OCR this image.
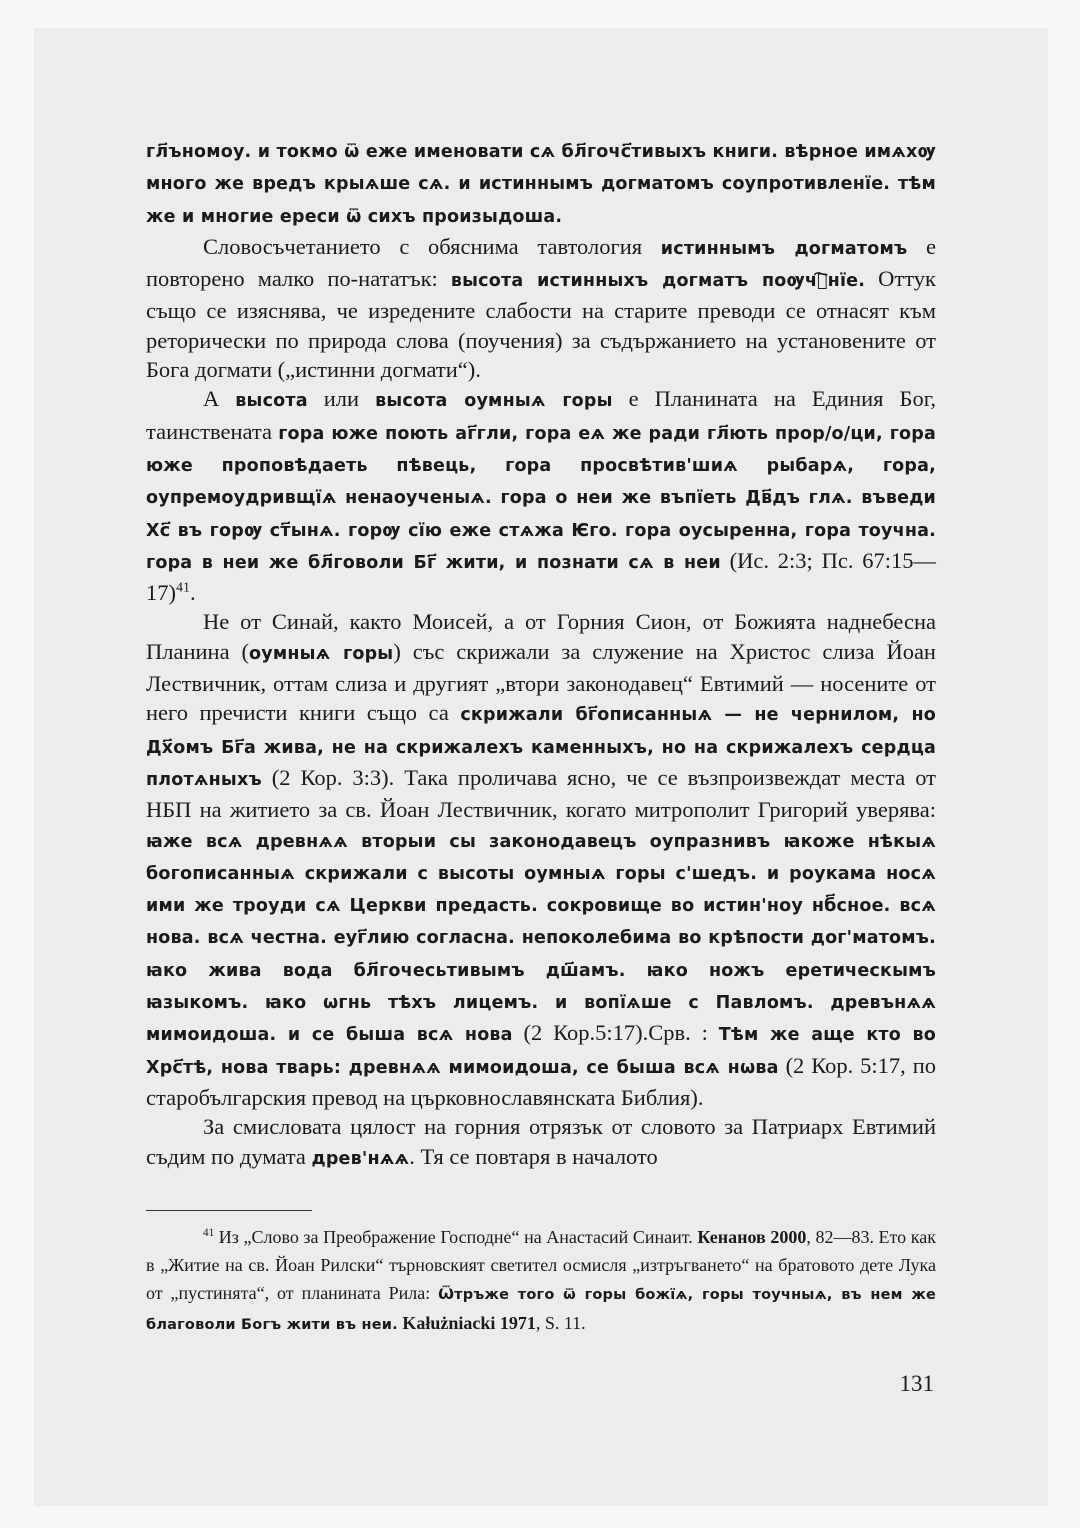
гл҃ъномоу. и токмо ѿ еже именовати сѧ бл҃гочс҃тивыхъ книги. вѣрное имѧхѹ много же вредъ крыѧше сѧ. и истиннымъ догматомъ соупротивленїе. тѣм же и многие ереси ѿ сихъ произыдоша.

Словосъчетанието с обяснима тавтология истиннымъ догматомъ е повторено малко по-нататък: высота истинныхъ догматъ поѹчⷭ҇нїе. Оттук също се изяснява, че изредените слабости на старите преводи се отнасят към реторически по природа слова (поучения) за съдържанието на установените от Бога догмати („истинни догмати“).

А высота или высота оумныѧ горы е Планината на Единия Бог, таинствената гора юже поють аг҃гли, гора еѧ же ради гл҃ють прор/о/ци, гора юже проповѣдаеть пѣвець, гора просвѣтив'шиѧ рыбарѧ, гора, оупремоудривщїѧ ненаоученыѧ. гора о неи же въпїеть Дв҃дъ глѧ. въведи Хс҃ въ горѹ ст҃ынѧ. горѹ сїю еже стѧжа Ѥго. гора оусыренна, гора тоучна. гора в неи же бл҃говоли Бг҃ жити, и познати сѧ в неи (Ис. 2:3; Пс. 67:15—17)$^{41}$.

Не от Синай, както Моисей, а от Горния Сион, от Божията наднебесна Планина (оумныѧ горы) със скрижали за служение на Христос слиза Йоан Лествичник, оттам слиза и другият „втори законодавец“ Евтимий — носените от него пречисти книги също са скрижали бг҃описанныѧ — не чернилом, но Дх҃омъ Бг҃а жива, не на скрижалехъ каменныхъ, но на скрижалехъ сердца плотѧныхъ (2 Кор. 3:3). Така проличава ясно, че се възпроизвеждат места от НБП на житието за св. Йоан Лествичник, когато митрополит Григорий уверява: ꙗже всѧ древнѧѧ вторыи сы законодавецъ оупразнивъ ꙗкоже нѣкыѧ богописанныѧ скрижали с высоты оумныѧ горы с'шедъ. и роукама носѧ ими же троуди сѧ Церкви предасть. сокровище во истин'ноу нб҃сное. всѧ нова. всѧ честна. еуг҃лию согласна. непоколебима во крѣпости дог'матомъ. ꙗко жива вода бл҃гочесьтивымъ дш҃амъ. ꙗко ножъ еретическымъ ꙗзыкомъ. ꙗко ѡгнь тѣхъ лицемъ. и вопїѧше с Павломъ. древънѧѧ мимоидоша. и се быша всѧ нова (2 Кор.5:17).Срв. : Тѣм же аще кто во Хрс҃тѣ, нова тварь: древнѧѧ мимоидоша, се быша всѧ нѡва (2 Кор. 5:17, по старобългарския превод на църковнославянската Библия).

За смисловата цялост на горния отрязък от словото за Патриарх Евтимий съдим по думата древ'нѧѧ. Тя се повтаря в началото

$^{41}$ Из „Слово за Преображение Господне“ на Анастасий Синаит. Кенанов 2000, 82—83. Ето как в „Житие на св. Йоан Рилски“ търновският светител осмисля „изтръгването“ на братовото дете Лука от „пустинята“, от планината Рила: Ѿтръже того ѿ горы божїѧ, горы тоучныѧ, въ нем же благоволи Богъ жити въ неи. Kałużniacki 1971, S. 11.

131
